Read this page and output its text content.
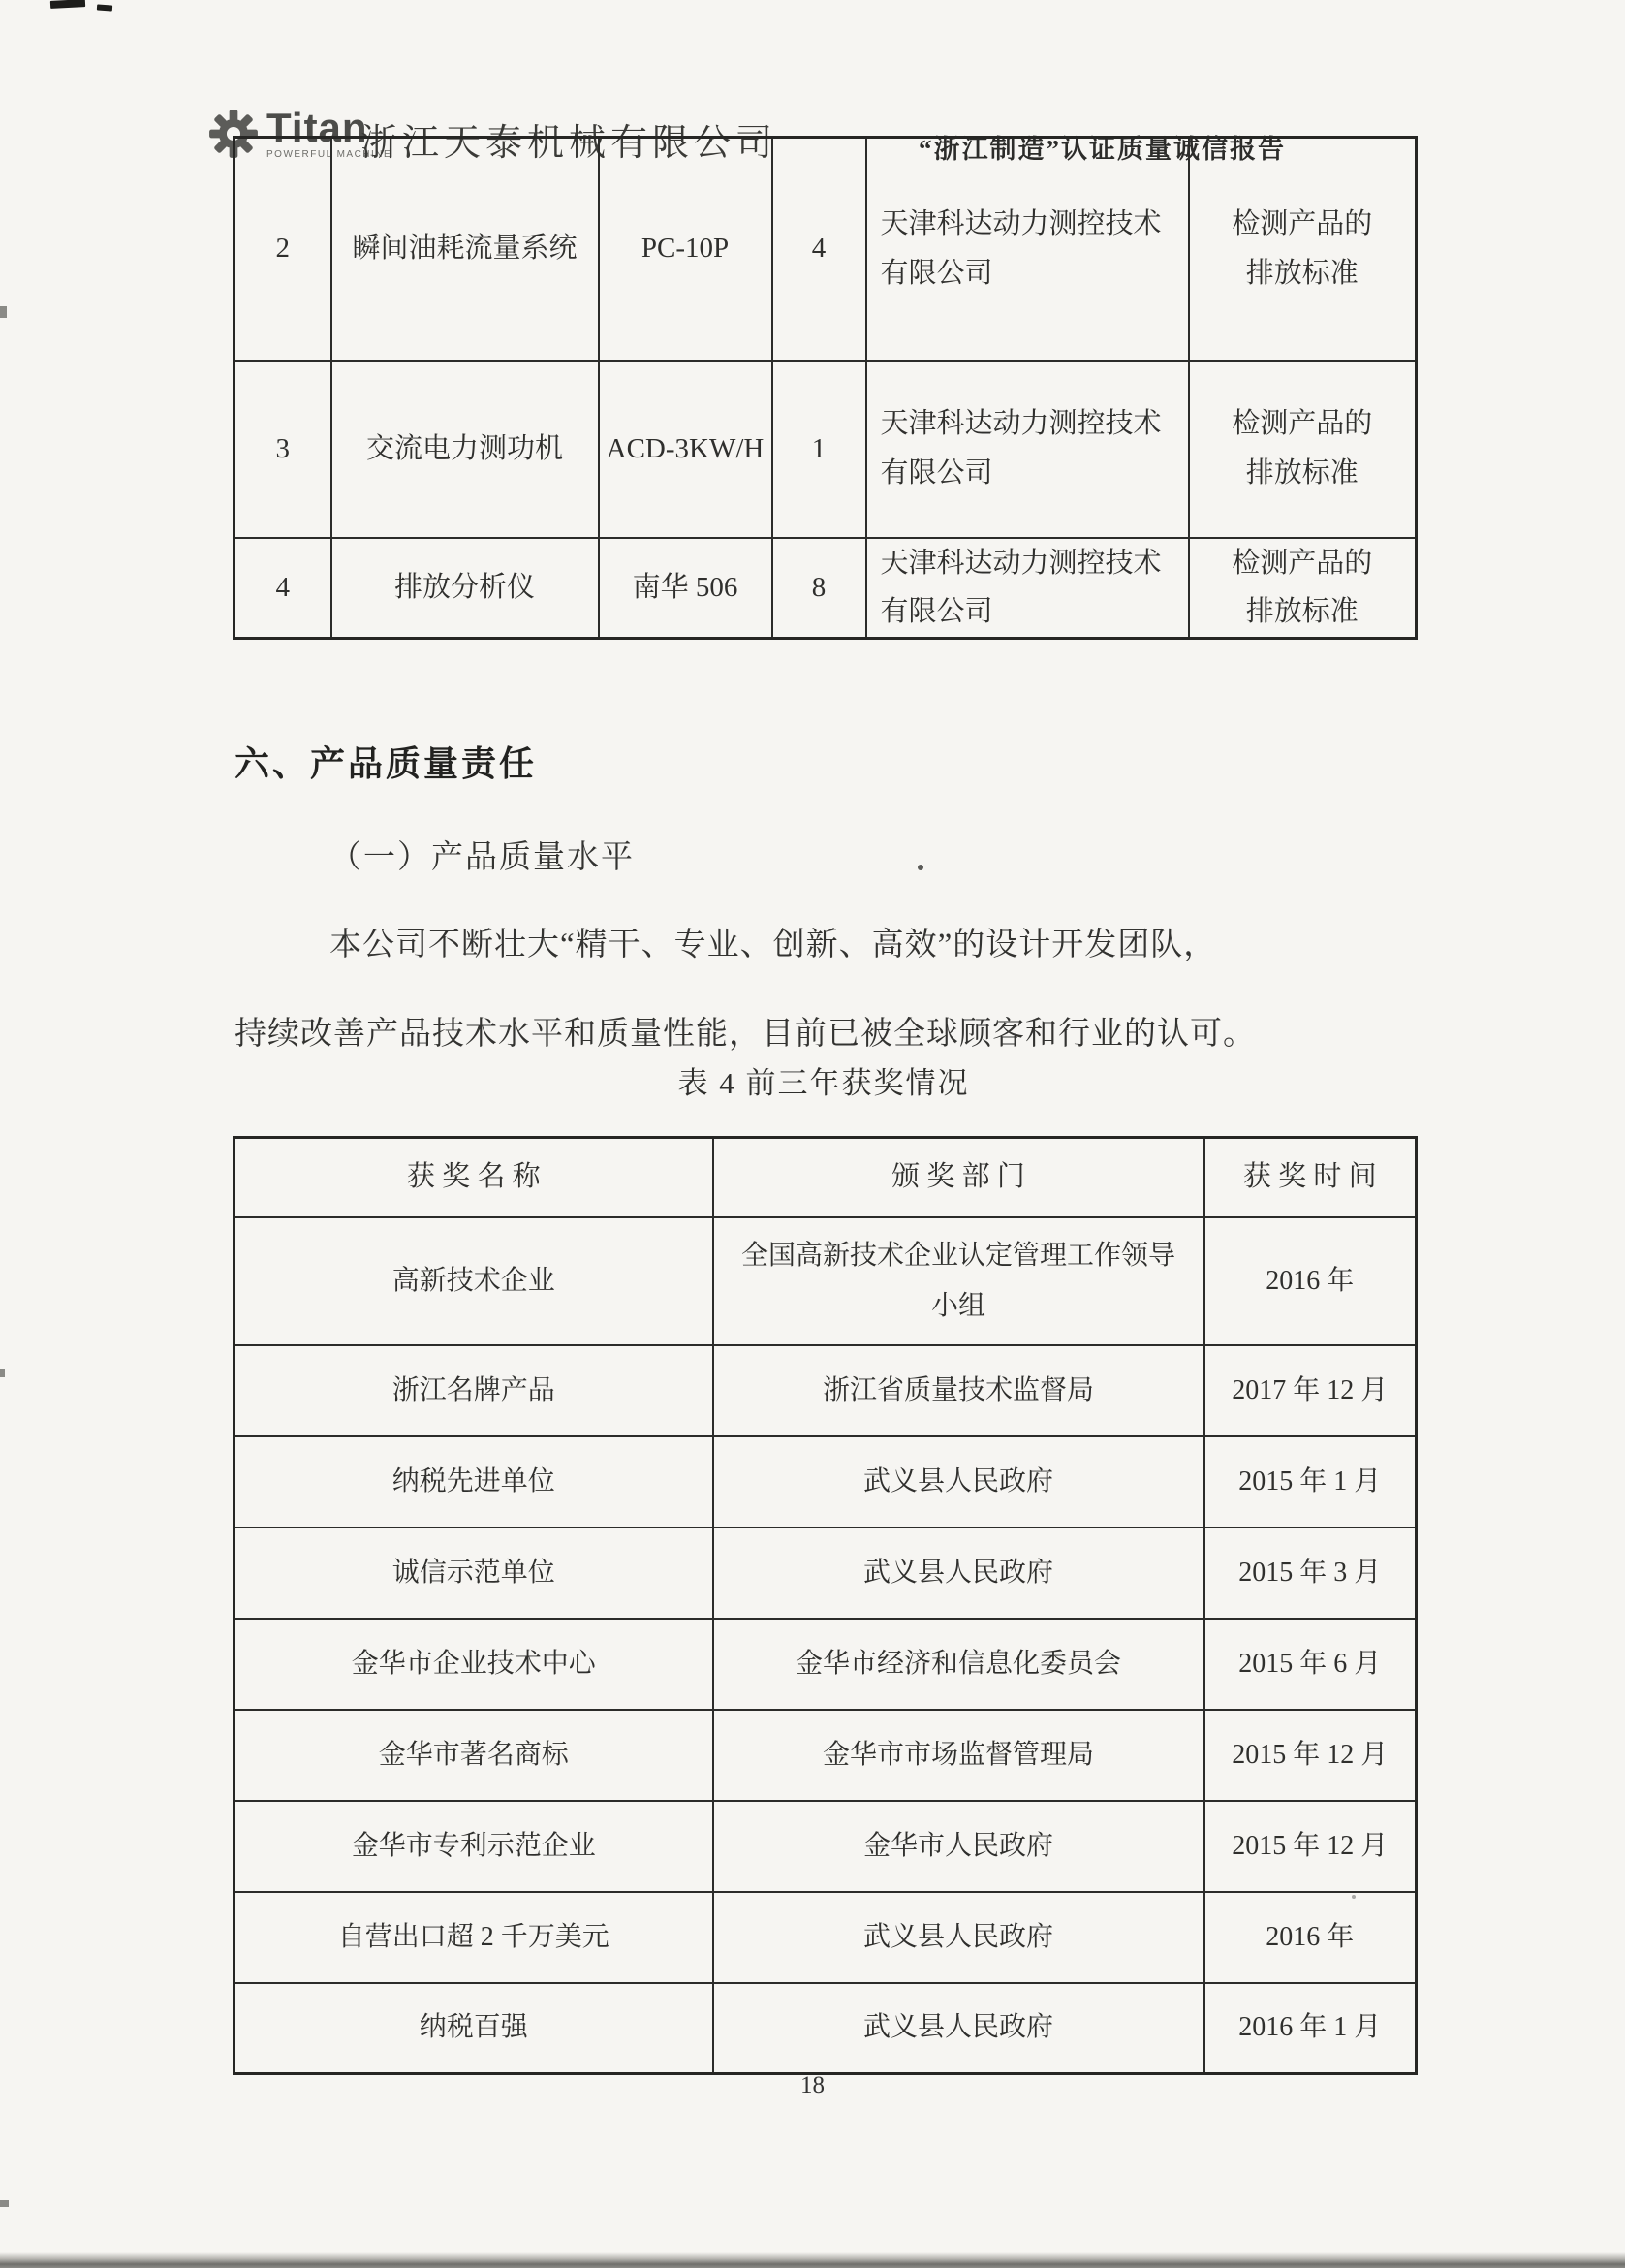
Titan
POWERFUL MACHINE
浙江天泰机械有限公司	“浙江制造”认证质量诚信报告
2	瞬间油耗流量系统	PC-10P	4	天津科达动力测控技术有限公司	检测产品的排放标准
3	交流电力测功机	ACD-3KW/H	1	天津科达动力测控技术有限公司	检测产品的排放标准
4	排放分析仪	南华 506	8	天津科达动力测控技术有限公司	检测产品的排放标准
六、产品质量责任
（一）产品质量水平
本公司不断壮大“精干、专业、创新、高效”的设计开发团队，
持续改善产品技术水平和质量性能，目前已被全球顾客和行业的认可。
表 4 前三年获奖情况
获 奖 名 称	颁 奖 部 门	获 奖 时 间
高新技术企业	全国高新技术企业认定管理工作领导小组	2016 年
浙江名牌产品	浙江省质量技术监督局	2017 年 12 月
纳税先进单位	武义县人民政府	2015 年 1 月
诚信示范单位	武义县人民政府	2015 年 3 月
金华市企业技术中心	金华市经济和信息化委员会	2015 年 6 月
金华市著名商标	金华市市场监督管理局	2015 年 12 月
金华市专利示范企业	金华市人民政府	2015 年 12 月
自营出口超 2 千万美元	武义县人民政府	2016 年
纳税百强	武义县人民政府	2016 年 1 月
18
